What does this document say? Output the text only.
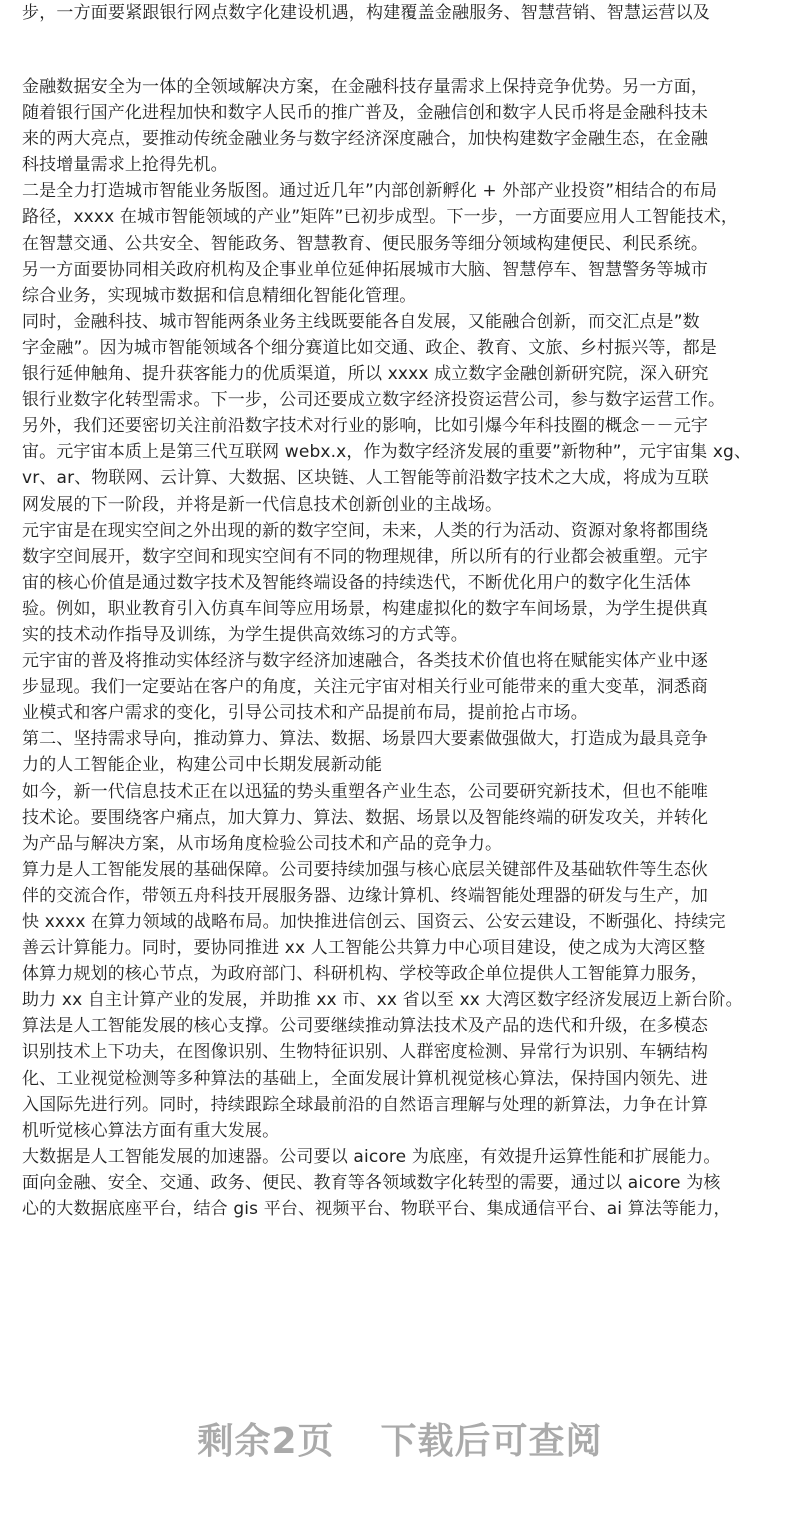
步，一方面要紧跟银行网点数字化建设机遇，构建覆盖金融服务、智慧营销、智慧运营以及

金融数据安全为一体的全领域解决方案，在金融科技存量需求上保持竞争优势。另一方面，
随着银行国产化进程加快和数字人民币的推广普及，金融信创和数字人民币将是金融科技未
来的两大亮点，要推动传统金融业务与数字经济深度融合，加快构建数字金融生态，在金融
科技增量需求上抢得先机。

二是全力打造城市智能业务版图。通过近几年”内部创新孵化 + 外部产业投资”相结合的布局
路径，xxxx 在城市智能领域的产业”矩阵”已初步成型。下一步，一方面要应用人工智能技术，
在智慧交通、公共安全、智能政务、智慧教育、便民服务等细分领域构建便民、利民系统。
另一方面要协同相关政府机构及企事业单位延伸拓展城市大脑、智慧停车、智慧警务等城市
综合业务，实现城市数据和信息精细化智能化管理。

同时，金融科技、城市智能两条业务主线既要能各自发展，又能融合创新，而交汇点是”数
字金融”。因为城市智能领域各个细分赛道比如交通、政企、教育、文旅、乡村振兴等，都是
银行延伸触角、提升获客能力的优质渠道，所以 xxxx 成立数字金融创新研究院，深入研究
银行业数字化转型需求。下一步，公司还要成立数字经济投资运营公司，参与数字运营工作。

另外，我们还要密切关注前沿数字技术对行业的影响，比如引爆今年科技圈的概念－－元宇
宙。元宇宙本质上是第三代互联网 webx.x，作为数字经济发展的重要”新物种”，元宇宙集 xg、
vr、ar、物联网、云计算、大数据、区块链、人工智能等前沿数字技术之大成，将成为互联
网发展的下一阶段，并将是新一代信息技术创新创业的主战场。

元宇宙是在现实空间之外出现的新的数字空间，未来，人类的行为活动、资源对象将都围绕
数字空间展开，数字空间和现实空间有不同的物理规律，所以所有的行业都会被重塑。元宇
宙的核心价值是通过数字技术及智能终端设备的持续迭代，不断优化用户的数字化生活体
验。例如，职业教育引入仿真车间等应用场景，构建虚拟化的数字车间场景，为学生提供真
实的技术动作指导及训练，为学生提供高效练习的方式等。

元宇宙的普及将推动实体经济与数字经济加速融合，各类技术价值也将在赋能实体产业中逐
步显现。我们一定要站在客户的角度，关注元宇宙对相关行业可能带来的重大变革，洞悉商
业模式和客户需求的变化，引导公司技术和产品提前布局，提前抢占市场。

第二、坚持需求导向，推动算力、算法、数据、场景四大要素做强做大，打造成为最具竞争
力的人工智能企业，构建公司中长期发展新动能

如今，新一代信息技术正在以迅猛的势头重塑各产业生态，公司要研究新技术，但也不能唯
技术论。要围绕客户痛点，加大算力、算法、数据、场景以及智能终端的研发攻关，并转化
为产品与解决方案，从市场角度检验公司技术和产品的竞争力。

算力是人工智能发展的基础保障。公司要持续加强与核心底层关键部件及基础软件等生态伙
伴的交流合作，带领五舟科技开展服务器、边缘计算机、终端智能处理器的研发与生产，加
快 xxxx 在算力领域的战略布局。加快推进信创云、国资云、公安云建设，不断强化、持续完
善云计算能力。同时，要协同推进 xx 人工智能公共算力中心项目建设，使之成为大湾区整
体算力规划的核心节点，为政府部门、科研机构、学校等政企单位提供人工智能算力服务，
助力 xx 自主计算产业的发展，并助推 xx 市、xx 省以至 xx 大湾区数字经济发展迈上新台阶。

算法是人工智能发展的核心支撑。公司要继续推动算法技术及产品的迭代和升级，在多模态
识别技术上下功夫，在图像识别、生物特征识别、人群密度检测、异常行为识别、车辆结构
化、工业视觉检测等多种算法的基础上，全面发展计算机视觉核心算法，保持国内领先、进
入国际先进行列。同时，持续跟踪全球最前沿的自然语言理解与处理的新算法，力争在计算
机听觉核心算法方面有重大发展。

大数据是人工智能发展的加速器。公司要以 aicore 为底座，有效提升运算性能和扩展能力。
面向金融、安全、交通、政务、便民、教育等各领域数字化转型的需要，通过以 aicore 为核
心的大数据底座平台，结合 gis 平台、视频平台、物联平台、集成通信平台、ai 算法等能力，

剩余2页 下载后可查阅
